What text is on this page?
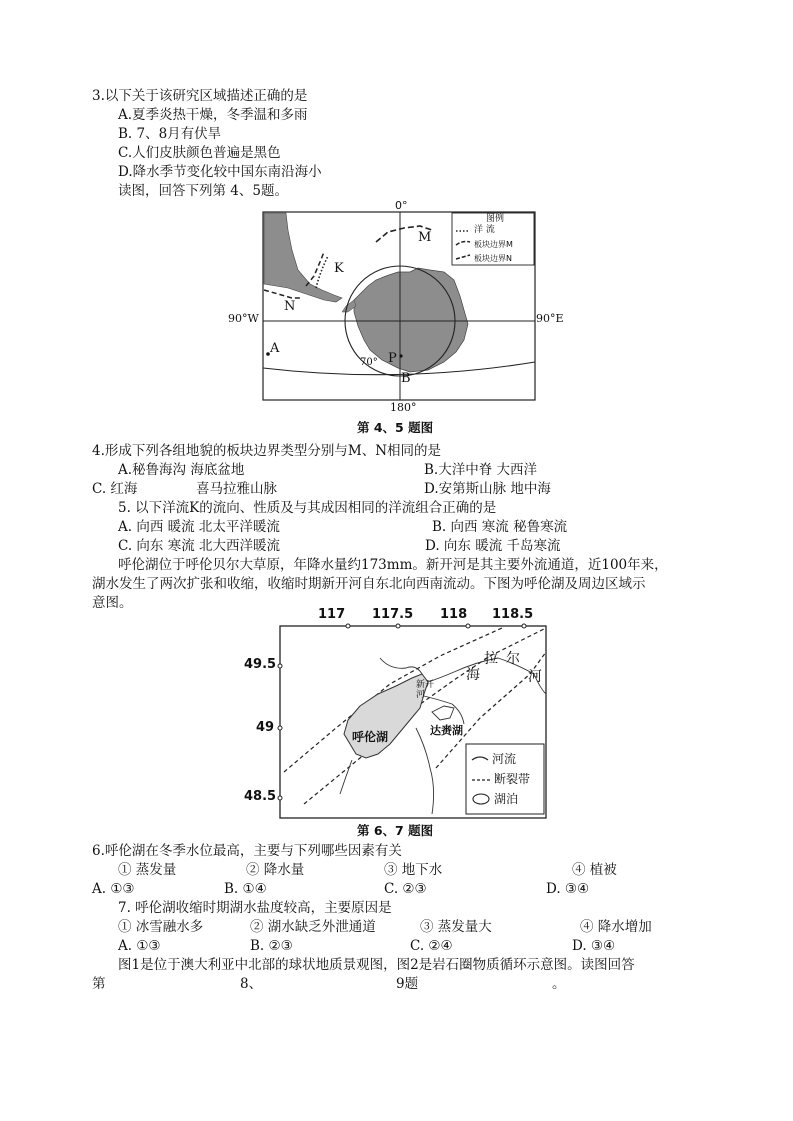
3.以下关于该研究区域描述正确的是
A.夏季炎热干燥，冬季温和多雨
B. 7、8月有伏旱
C.人们皮肤颜色普遍是黑色
D.降水季节变化较中国东南沿海小
读图，回答下列第 4、5题。
0°
90°W	90°E
180°
70°
M
K
N
A
P
B
图例
洋 流
板块边界M
板块边界N
第 4、5 题图
4.形成下列各组地貌的板块边界类型分别与M、N相同的是
A.秘鲁海沟 海底盆地	B.大洋中脊 大西洋
C. 红海	喜马拉雅山脉	D.安第斯山脉 地中海
5. 以下洋流K的流向、性质及与其成因相同的洋流组合正确的是
A. 向西 暖流 北太平洋暖流	B. 向西 寒流 秘鲁寒流
C. 向东 寒流 北大西洋暖流	D. 向东 暖流 千岛寒流
呼伦湖位于呼伦贝尔大草原，年降水量约173mm。新开河是其主要外流通道，近100年来，
湖水发生了两次扩张和收缩，收缩时期新开河自东北向西南流动。下图为呼伦湖及周边区域示
意图。
117 117.5 118 118.5
49.5
49
48.5
呼伦湖
新开河
达赉湖
海
拉 尔
河
河流
断裂带
湖泊
第 6、7 题图
6.呼伦湖在冬季水位最高，主要与下列哪些因素有关
① 蒸发量	② 降水量	③ 地下水	④ 植被
A. ①③	B. ①④	C. ②③	D. ③④
7. 呼伦湖收缩时期湖水盐度较高，主要原因是
① 冰雪融水多	② 湖水缺乏外泄通道	③ 蒸发量大	④ 降水增加
A. ①③	B. ②③	C. ②④	D. ③④
图1是位于澳大利亚中北部的球状地质景观图，图2是岩石圈物质循环示意图。读图回答
第	8、	9题	。
